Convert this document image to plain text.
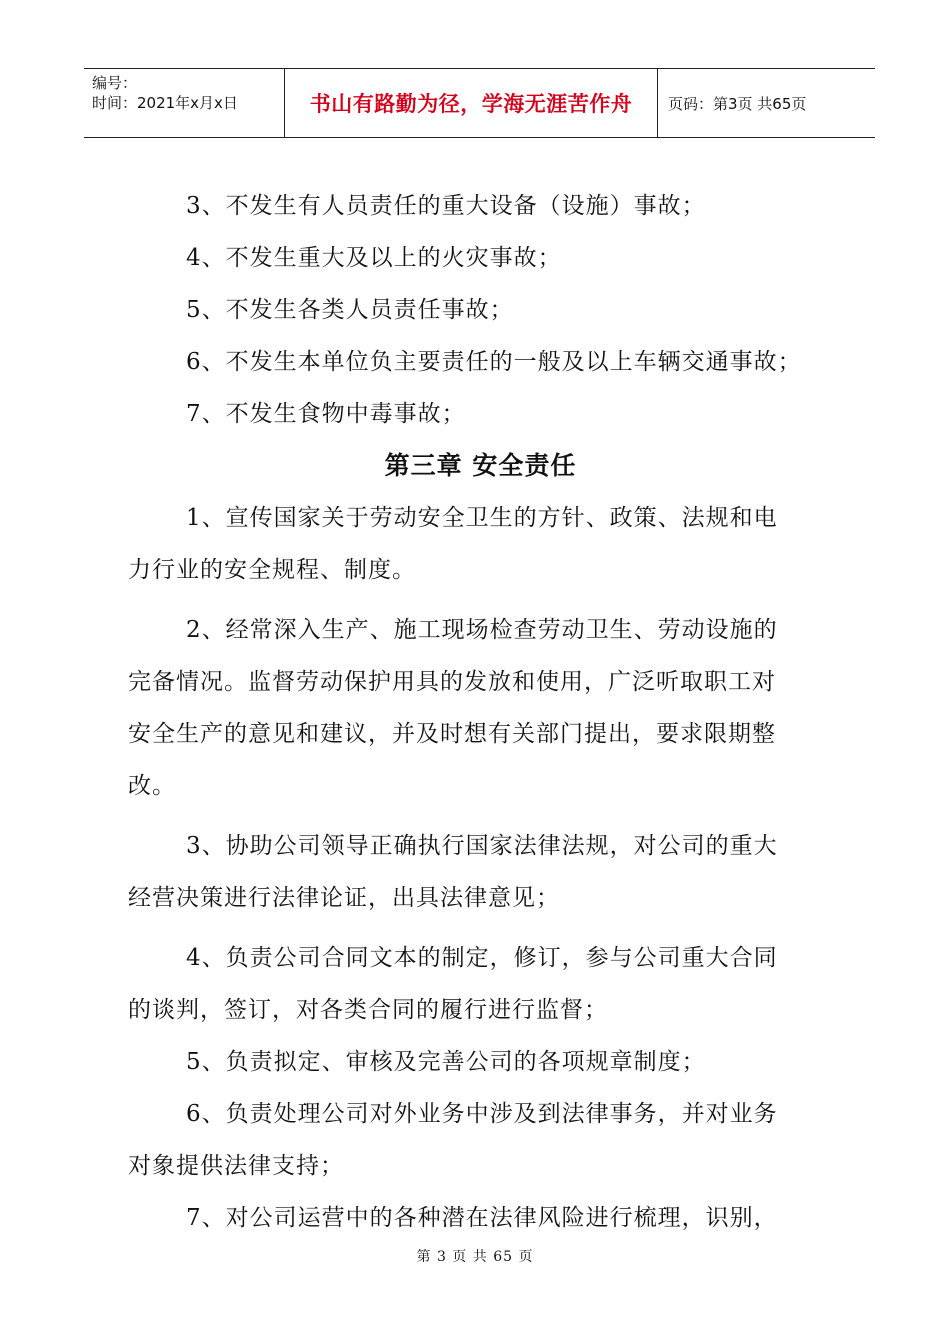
编号：
时间：2021年x月x日	书山有路勤为径，学海无涯苦作舟	页码：第3页 共65页
3、不发生有人员责任的重大设备（设施）事故；
4、不发生重大及以上的火灾事故；
5、不发生各类人员责任事故；
6、不发生本单位负主要责任的一般及以上车辆交通事故；
7、不发生食物中毒事故；
第三章 安全责任
1、宣传国家关于劳动安全卫生的方针、政策、法规和电
力行业的安全规程、制度。
2、经常深入生产、施工现场检查劳动卫生、劳动设施的
完备情况。监督劳动保护用具的发放和使用，广泛听取职工对
安全生产的意见和建议，并及时想有关部门提出，要求限期整
改。
3、协助公司领导正确执行国家法律法规，对公司的重大
经营决策进行法律论证，出具法律意见；
4、负责公司合同文本的制定，修订，参与公司重大合同
的谈判，签订，对各类合同的履行进行监督；
5、负责拟定、审核及完善公司的各项规章制度；
6、负责处理公司对外业务中涉及到法律事务，并对业务
对象提供法律支持；
7、对公司运营中的各种潜在法律风险进行梳理，识别，
第 3 页 共 65 页
